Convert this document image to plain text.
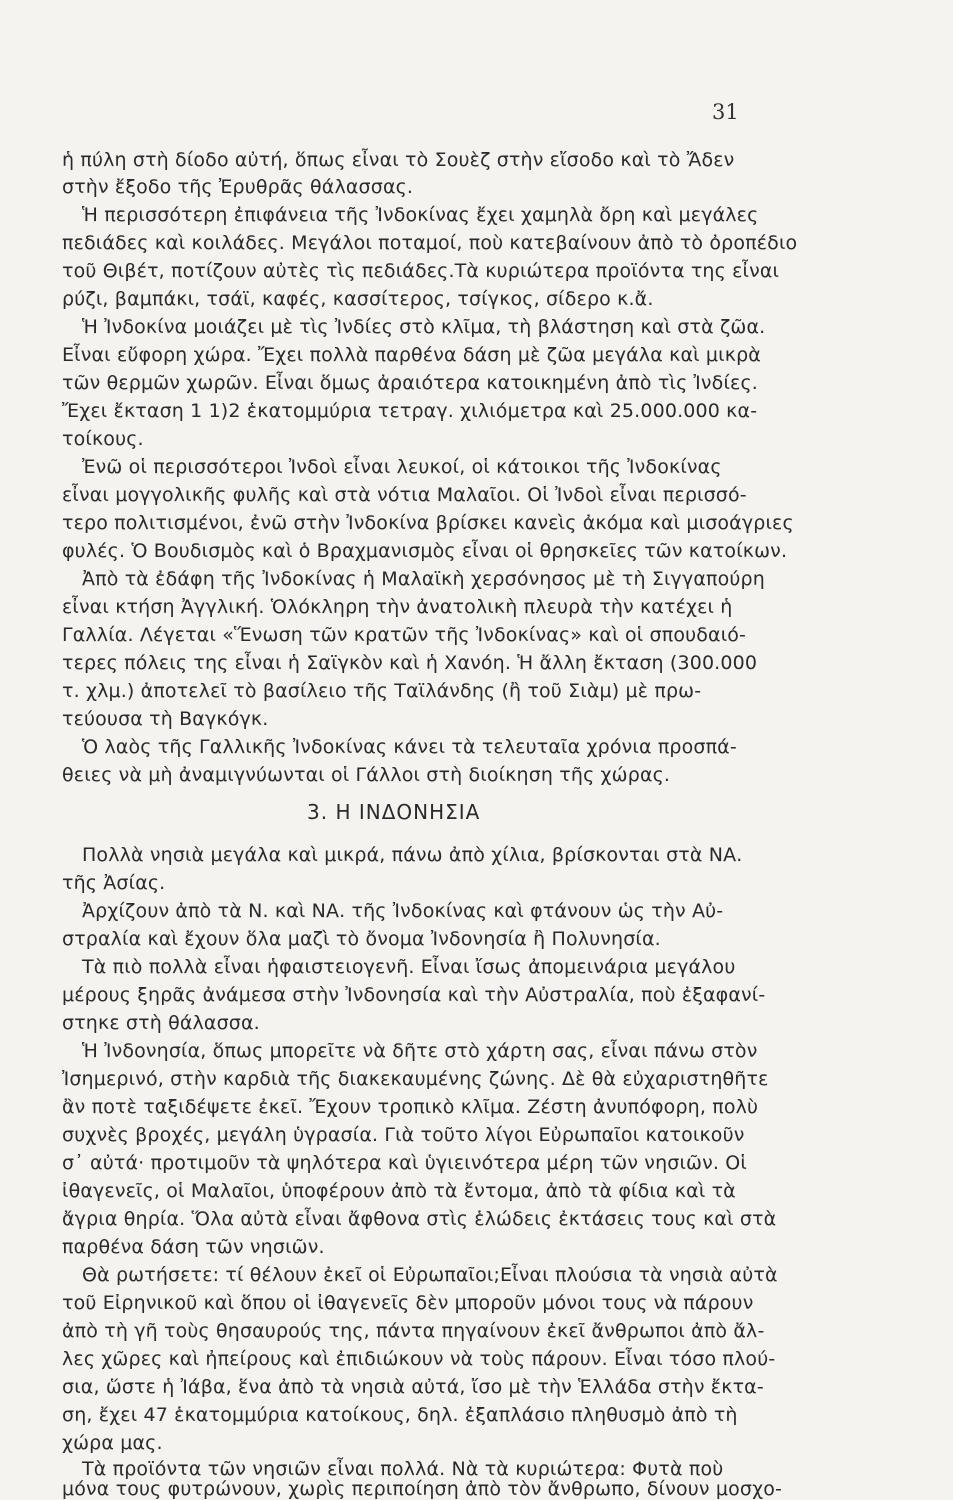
31
ἡ πύλη στὴ δίοδο αὐτή, ὅπως εἶναι τὸ Σουὲζ στὴν εἴσοδο καὶ τὸ Ἄδεν
στὴν ἔξοδο τῆς Ἐρυθρᾶς θάλασσας.
Ἡ περισσότερη ἐπιφάνεια τῆς Ἰνδοκίνας ἔχει χαμηλὰ ὄρη καὶ μεγάλες
πεδιάδες καὶ κοιλάδες. Μεγάλοι ποταμοί, ποὺ κατεβαίνουν ἀπὸ τὸ ὀροπέδιο
τοῦ Θιβέτ, ποτίζουν αὐτὲς τὶς πεδιάδες.Τὰ κυριώτερα προϊόντα της εἶναι
ρύζι, βαμπάκι, τσάϊ, καφές, κασσίτερος, τσίγκος, σίδερο κ.ἄ.
Ἡ Ἰνδοκίνα μοιάζει μὲ τὶς Ἰνδίες στὸ κλῖμα, τὴ βλάστηση καὶ στὰ ζῶα.
Εἶναι εὔφορη χώρα. Ἔχει πολλὰ παρθένα δάση μὲ ζῶα μεγάλα καὶ μικρὰ
τῶν θερμῶν χωρῶν. Εἶναι ὅμως ἀραιότερα κατοικημένη ἀπὸ τὶς Ἰνδίες.
Ἔχει ἔκταση 1 1)2 ἑκατομμύρια τετραγ. χιλιόμετρα καὶ 25.000.000 κα-
τοίκους.
Ἐνῶ οἱ περισσότεροι Ἰνδοὶ εἶναι λευκοί, οἱ κάτοικοι τῆς Ἰνδοκίνας
εἶναι μογγολικῆς φυλῆς καὶ στὰ νότια Μαλαῖοι. Οἱ Ἰνδοὶ εἶναι περισσό-
τερο πολιτισμένοι, ἐνῶ στὴν Ἰνδοκίνα βρίσκει κανεὶς ἀκόμα καὶ μισοάγριες
φυλές. Ὁ Βουδισμὸς καὶ ὁ Βραχμανισμὸς εἶναι οἱ θρησκεῖες τῶν κατοίκων.
Ἀπὸ τὰ ἐδάφη τῆς Ἰνδοκίνας ἡ Μαλαϊκὴ χερσόνησος μὲ τὴ Σιγγαπούρη
εἶναι κτήση Ἀγγλική. Ὁλόκληρη τὴν ἀνατολικὴ πλευρὰ τὴν κατέχει ἡ
Γαλλία. Λέγεται «Ἕνωση τῶν κρατῶν τῆς Ἰνδοκίνας» καὶ οἱ σπουδαιό-
τερες πόλεις της εἶναι ἡ Σαϊγκὸν καὶ ἡ Χανόη. Ἡ ἄλλη ἔκταση (300.000
τ. χλμ.) ἀποτελεῖ τὸ βασίλειο τῆς Ταϊλάνδης (ἢ τοῦ Σιὰμ) μὲ πρω-
τεύουσα τὴ Βαγκόγκ.
Ὁ λαὸς τῆς Γαλλικῆς Ἰνδοκίνας κάνει τὰ τελευταῖα χρόνια προσπά-
θειες νὰ μὴ ἀναμιγνύωνται οἱ Γάλλοι στὴ διοίκηση τῆς χώρας.
3. Η ΙΝΔΟΝΗΣΙΑ
Πολλὰ νησιὰ μεγάλα καὶ μικρά, πάνω ἀπὸ χίλια, βρίσκονται στὰ ΝΑ.
τῆς Ἀσίας.
Ἀρχίζουν ἀπὸ τὰ Ν. καὶ ΝΑ. τῆς Ἰνδοκίνας καὶ φτάνουν ὡς τὴν Αὐ-
στραλία καὶ ἔχουν ὅλα μαζὶ τὸ ὄνομα Ἰνδονησία ἢ Πολυνησία.
Τὰ πιὸ πολλὰ εἶναι ἡφαιστειογενῆ. Εἶναι ἴσως ἀπομεινάρια μεγάλου
μέρους ξηρᾶς ἀνάμεσα στὴν Ἰνδονησία καὶ τὴν Αὐστραλία, ποὺ ἐξαφανί-
στηκε στὴ θάλασσα.
Ἡ Ἰνδονησία, ὅπως μπορεῖτε νὰ δῆτε στὸ χάρτη σας, εἶναι πάνω στὸν
Ἰσημερινό, στὴν καρδιὰ τῆς διακεκαυμένης ζώνης. Δὲ θὰ εὐχαριστηθῆτε
ἂν ποτὲ ταξιδέψετε ἐκεῖ. Ἔχουν τροπικὸ κλῖμα. Ζέστη ἀνυπόφορη, πολὺ
συχνὲς βροχές, μεγάλη ὑγρασία. Γιὰ τοῦτο λίγοι Εὐρωπαῖοι κατοικοῦν
σ᾽ αὐτά· προτιμοῦν τὰ ψηλότερα καὶ ὑγιεινότερα μέρη τῶν νησιῶν. Οἱ
ἰθαγενεῖς, οἱ Μαλαῖοι, ὑποφέρουν ἀπὸ τὰ ἔντομα, ἀπὸ τὰ φίδια καὶ τὰ
ἄγρια θηρία. Ὅλα αὐτὰ εἶναι ἄφθονα στὶς ἑλώδεις ἐκτάσεις τους καὶ στὰ
παρθένα δάση τῶν νησιῶν.
Θὰ ρωτήσετε: τί θέλουν ἐκεῖ οἱ Εὐρωπαῖοι;Εἶναι πλούσια τὰ νησιὰ αὐτὰ
τοῦ Εἰρηνικοῦ καὶ ὅπου οἱ ἰθαγενεῖς δὲν μποροῦν μόνοι τους νὰ πάρουν
ἀπὸ τὴ γῆ τοὺς θησαυρούς της, πάντα πηγαίνουν ἐκεῖ ἄνθρωποι ἀπὸ ἄλ-
λες χῶρες καὶ ἠπείρους καὶ ἐπιδιώκουν νὰ τοὺς πάρουν. Εἶναι τόσο πλού-
σια, ὥστε ἡ Ἰάβα, ἕνα ἀπὸ τὰ νησιὰ αὐτά, ἴσο μὲ τὴν Ἑλλάδα στὴν ἔκτα-
ση, ἔχει 47 ἑκατομμύρια κατοίκους, δηλ. ἐξαπλάσιο πληθυσμὸ ἀπὸ τὴ
χώρα μας.
Τὰ προϊόντα τῶν νησιῶν εἶναι πολλά. Νὰ τὰ κυριώτερα: Φυτὰ ποὺ
μόνα τους φυτρώνουν, χωρὶς περιποίηση ἀπὸ τὸν ἄνθρωπο, δίνουν μοσχο-
